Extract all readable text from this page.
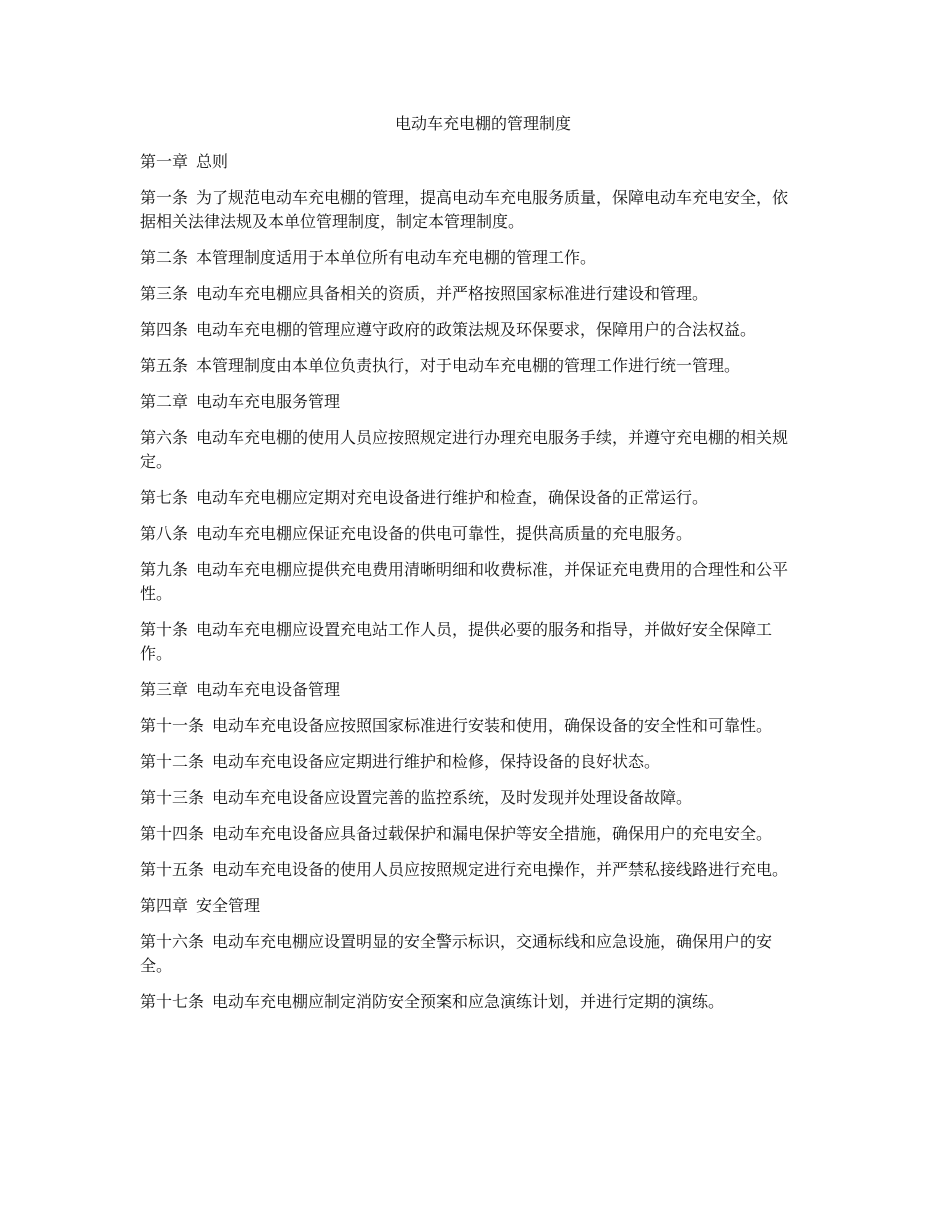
电动车充电棚的管理制度

第一章 总则

第一条 为了规范电动车充电棚的管理，提高电动车充电服务质量，保障电动车充电安全，依据相关法律法规及本单位管理制度，制定本管理制度。

第二条 本管理制度适用于本单位所有电动车充电棚的管理工作。

第三条 电动车充电棚应具备相关的资质，并严格按照国家标准进行建设和管理。

第四条 电动车充电棚的管理应遵守政府的政策法规及环保要求，保障用户的合法权益。

第五条 本管理制度由本单位负责执行，对于电动车充电棚的管理工作进行统一管理。

第二章 电动车充电服务管理

第六条 电动车充电棚的使用人员应按照规定进行办理充电服务手续，并遵守充电棚的相关规定。

第七条 电动车充电棚应定期对充电设备进行维护和检查，确保设备的正常运行。

第八条 电动车充电棚应保证充电设备的供电可靠性，提供高质量的充电服务。

第九条 电动车充电棚应提供充电费用清晰明细和收费标准，并保证充电费用的合理性和公平性。

第十条 电动车充电棚应设置充电站工作人员，提供必要的服务和指导，并做好安全保障工作。

第三章 电动车充电设备管理

第十一条 电动车充电设备应按照国家标准进行安装和使用，确保设备的安全性和可靠性。

第十二条 电动车充电设备应定期进行维护和检修，保持设备的良好状态。

第十三条 电动车充电设备应设置完善的监控系统，及时发现并处理设备故障。

第十四条 电动车充电设备应具备过载保护和漏电保护等安全措施，确保用户的充电安全。

第十五条 电动车充电设备的使用人员应按照规定进行充电操作，并严禁私接线路进行充电。

第四章 安全管理

第十六条 电动车充电棚应设置明显的安全警示标识，交通标线和应急设施，确保用户的安全。

第十七条 电动车充电棚应制定消防安全预案和应急演练计划，并进行定期的演练。
